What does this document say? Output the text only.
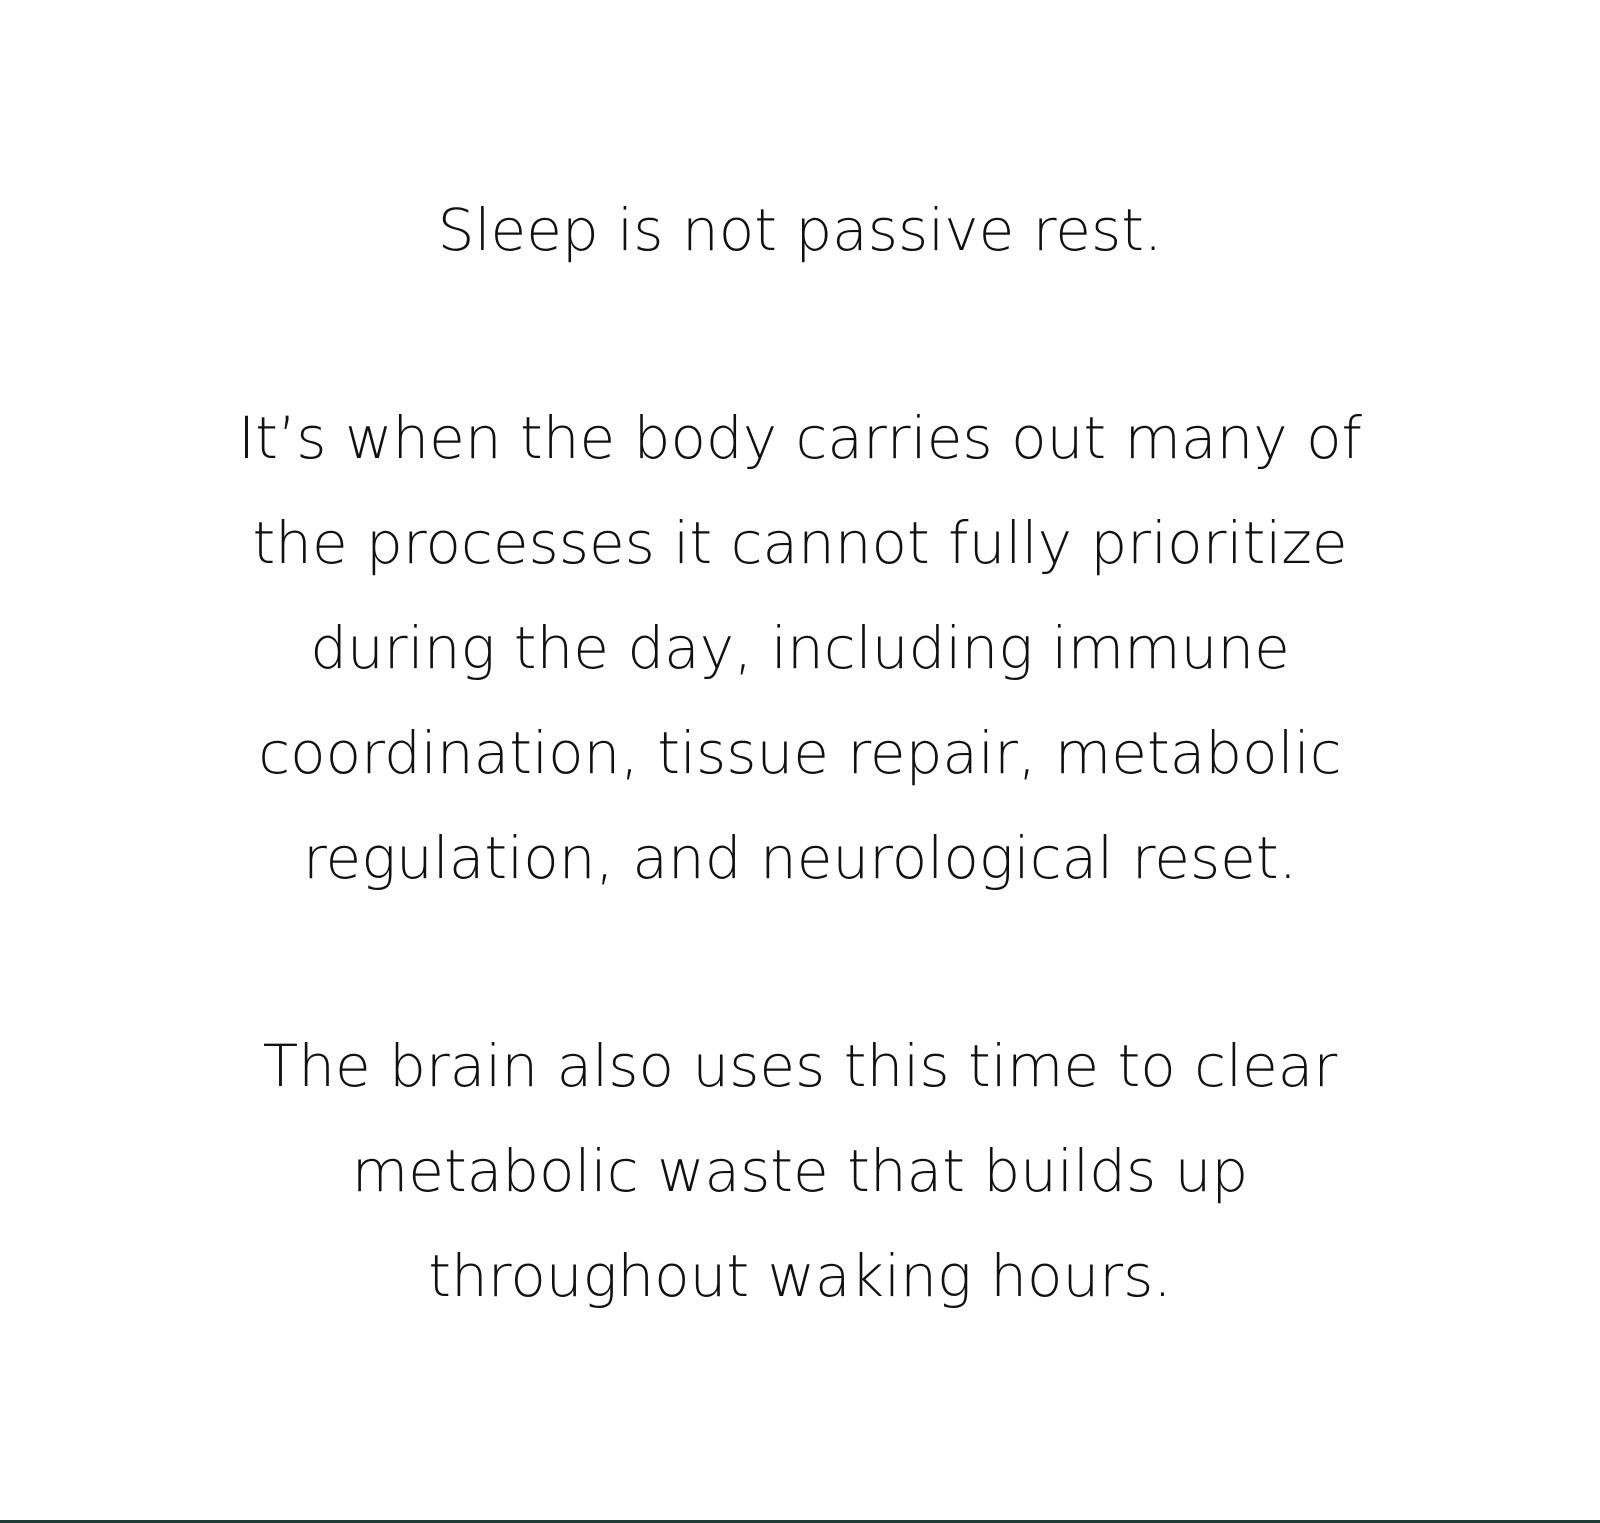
Sleep is not passive rest.
It’s when the body carries out many of
the processes it cannot fully prioritize
during the day, including immune
coordination, tissue repair, metabolic
regulation, and neurological reset.
The brain also uses this time to clear
metabolic waste that builds up
throughout waking hours.
